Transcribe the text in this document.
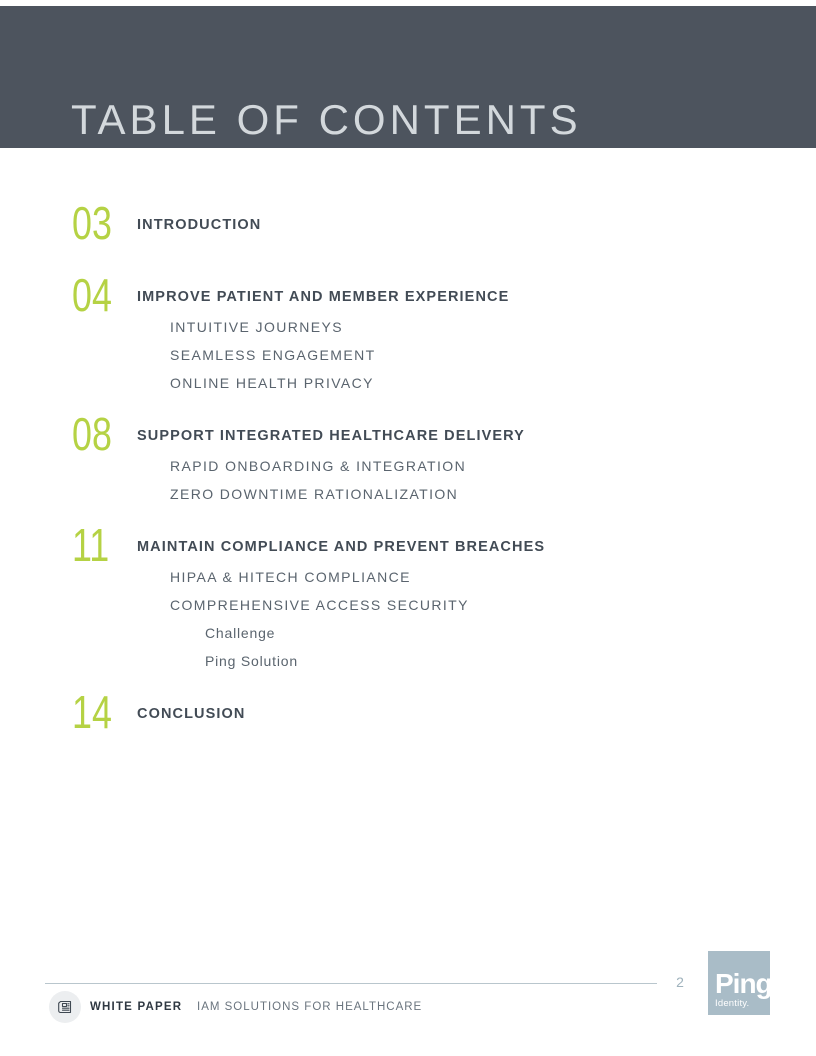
TABLE OF CONTENTS
03 INTRODUCTION
04 IMPROVE PATIENT AND MEMBER EXPERIENCE
INTUITIVE JOURNEYS
SEAMLESS ENGAGEMENT
ONLINE HEALTH PRIVACY
08 SUPPORT INTEGRATED HEALTHCARE DELIVERY
RAPID ONBOARDING & INTEGRATION
ZERO DOWNTIME RATIONALIZATION
11 MAINTAIN COMPLIANCE AND PREVENT BREACHES
HIPAA & HITECH COMPLIANCE
COMPREHENSIVE ACCESS SECURITY
Challenge
Ping Solution
14 CONCLUSION
2 Ping
Identity.
WHITE PAPER IAM SOLUTIONS FOR HEALTHCARE
